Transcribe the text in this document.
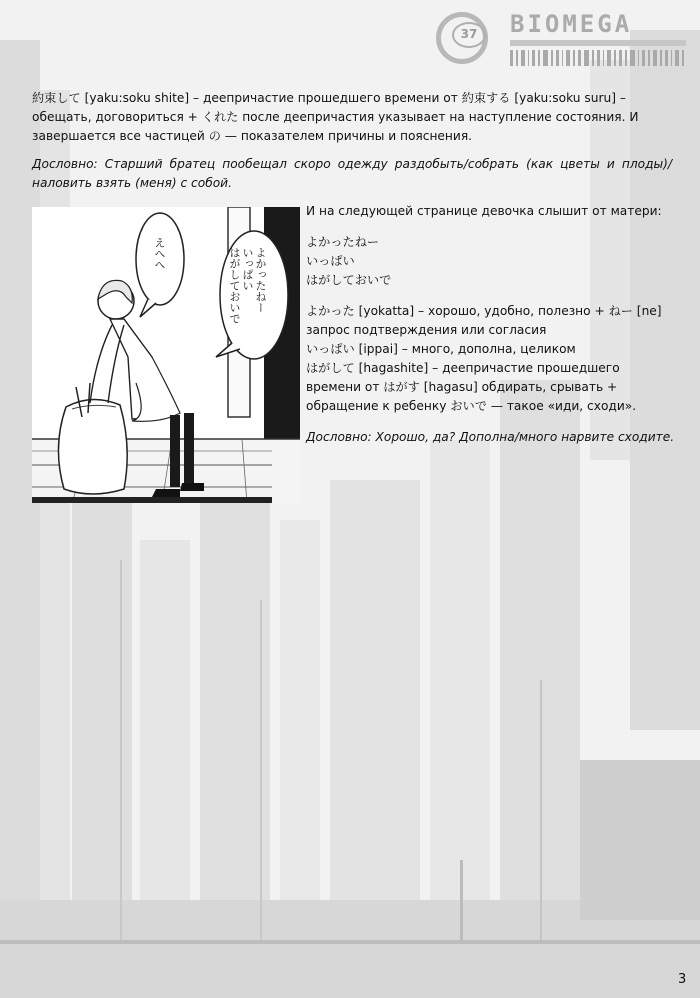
37	BIOMEGA
約束して [yaku:soku shite] – деепричастие прошедшего времени от 約束する [yaku:soku suru] – обещать, договориться + くれた после деепричастия указывает на наступление состояния. И завершается все частицей の — показателем причины и пояснения.
Дословно: Старший братец пообещал скоро одежду раздобыть/собрать (как цветы и плоды)/наловить взять (меня) с собой.
えへへ	よかったねー
いっぱい
はがしておいで

И на следующей странице девочка слышит от матери:

よかったねー

いっぱい

はがしておいで

よかった [yokatta] – хорошо, удобно, полезно + ねー [ne] запрос подтверждения или согласия

いっぱい [ippai] – много, дополна, целиком

はがして [hagashite] – деепричастие прошедшего времени от はがす [hagasu] обдирать, срывать + обращение к ребенку おいで — такое «иди, сходи».

Дословно: Хорошо, да? Дополна/много нарвите сходите.

3
